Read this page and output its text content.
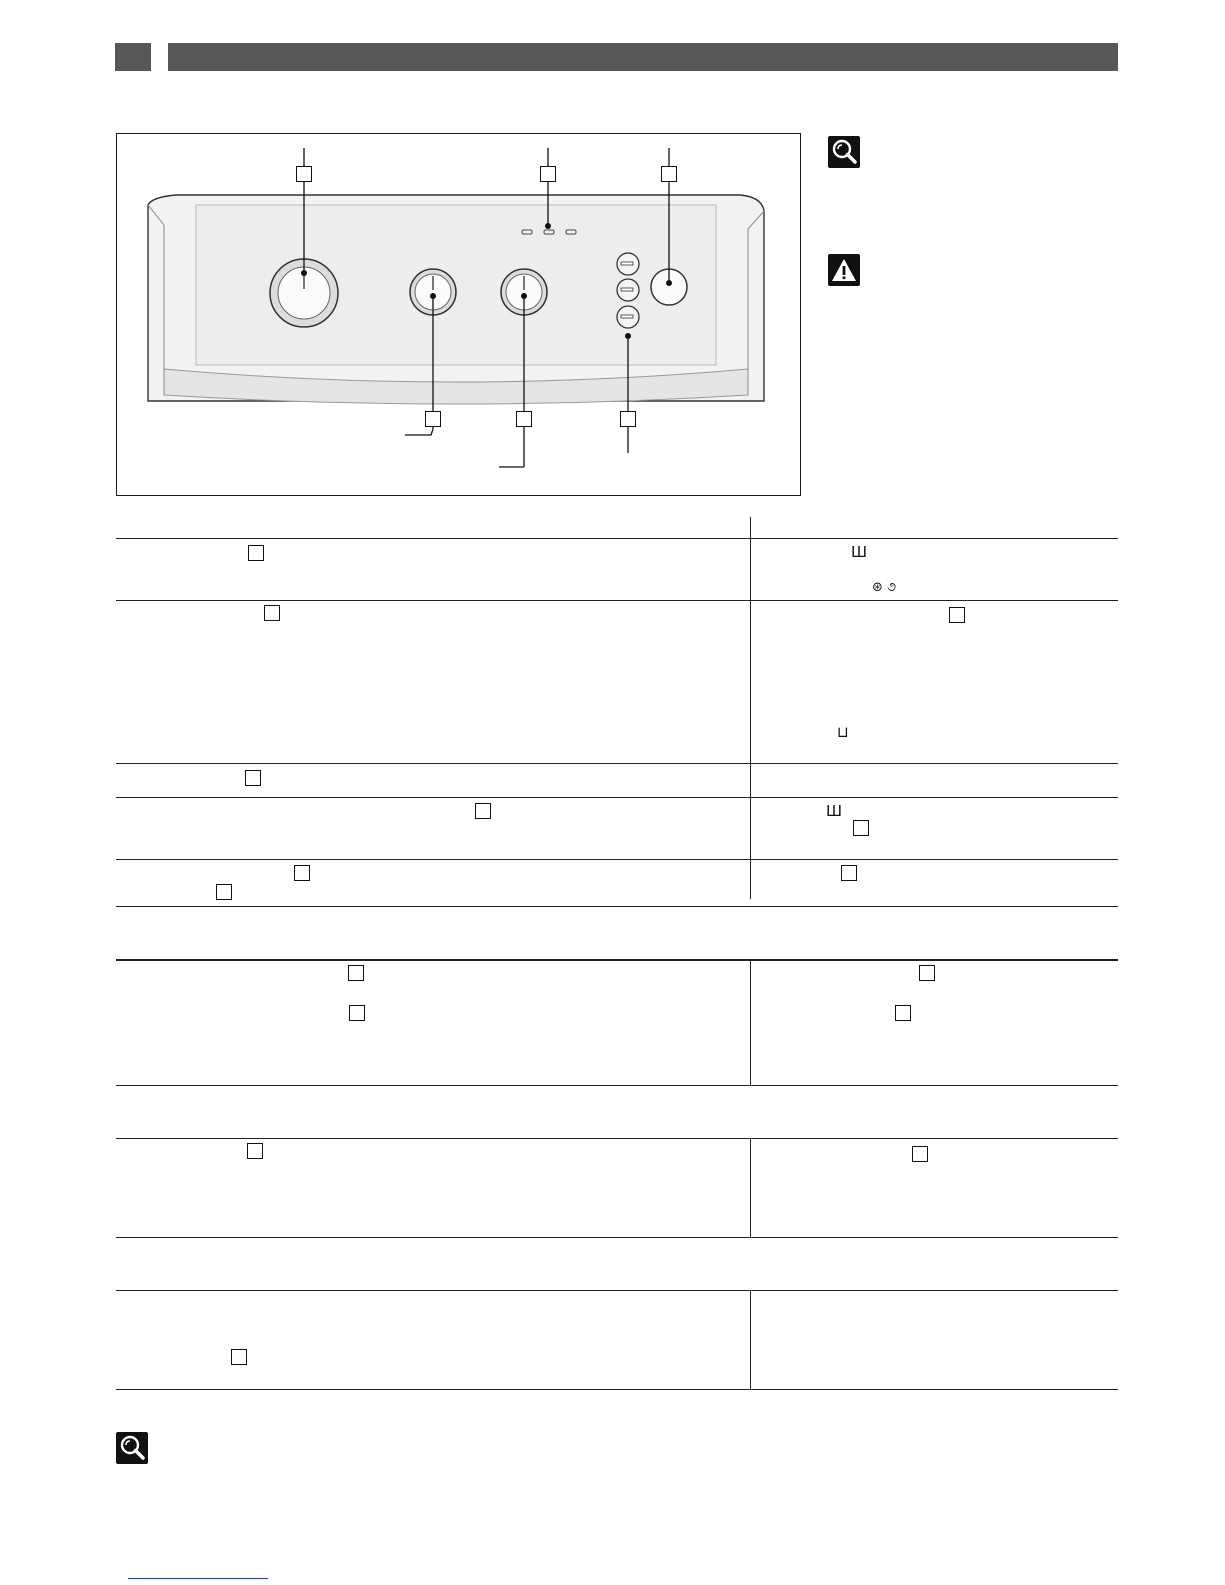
Ш
⊛ ૭
⊔
Ш
